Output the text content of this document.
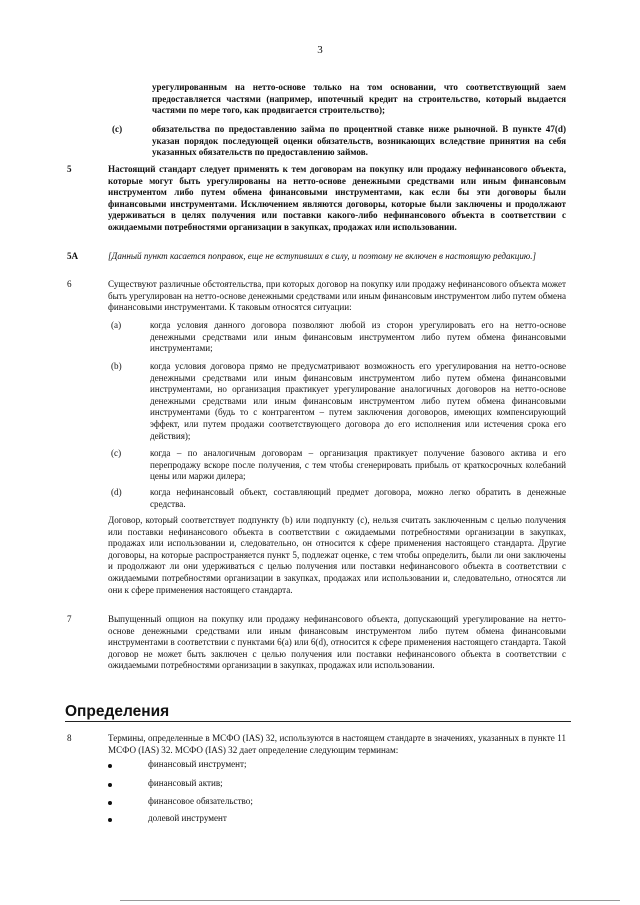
3

урегулированным на нетто-основе только на том основании, что соответствующий заем предоставляется частями (например, ипотечный кредит на строительство, который выдается частями по мере того, как продвигается строительство);

(c)	обязательства по предоставлению займа по процентной ставке ниже рыночной. В пункте 47(d) указан порядок последующей оценки обязательств, возникающих вследствие принятия на себя указанных обязательств по предоставлению займов.

5	Настоящий стандарт следует применять к тем договорам на покупку или продажу нефинансового объекта, которые могут быть урегулированы на нетто-основе денежными средствами или иным финансовым инструментом либо путем обмена финансовыми инструментами, как если бы эти договоры были финансовыми инструментами. Исключением являются договоры, которые были заключены и продолжают удерживаться в целях получения или поставки какого-либо нефинансового объекта в соответствии с ожидаемыми потребностями организации в закупках, продажах или использовании.

5A	[Данный пункт касается поправок, еще не вступивших в силу, и поэтому не включен в настоящую редакцию.]

6	Существуют различные обстоятельства, при которых договор на покупку или продажу нефинансового объекта может быть урегулирован на нетто-основе денежными средствами или иным финансовым инструментом либо путем обмена финансовыми инструментами. К таковым относятся ситуации:

(a)	когда условия данного договора позволяют любой из сторон урегулировать его на нетто-основе денежными средствами или иным финансовым инструментом либо путем обмена финансовыми инструментами;

(b)	когда условия договора прямо не предусматривают возможность его урегулирования на нетто-основе денежными средствами или иным финансовым инструментом либо путем обмена финансовыми инструментами, но организация практикует урегулирование аналогичных договоров на нетто-основе денежными средствами или иным финансовым инструментом либо путем обмена финансовыми инструментами (будь то с контрагентом – путем заключения договоров, имеющих компенсирующий эффект, или путем продажи соответствующего договора до его исполнения или истечения срока его действия);

(c)	когда – по аналогичным договорам – организация практикует получение базового актива и его перепродажу вскоре после получения, с тем чтобы сгенерировать прибыль от краткосрочных колебаний цены или маржи дилера;

(d)	когда нефинансовый объект, составляющий предмет договора, можно легко обратить в денежные средства.

Договор, который соответствует подпункту (b) или подпункту (c), нельзя считать заключенным с целью получения или поставки нефинансового объекта в соответствии с ожидаемыми потребностями организации в закупках, продажах или использовании и, следовательно, он относится к сфере применения настоящего стандарта. Другие договоры, на которые распространяется пункт 5, подлежат оценке, с тем чтобы определить, были ли они заключены и продолжают ли они удерживаться с целью получения или поставки нефинансового объекта в соответствии с ожидаемыми потребностями организации в закупках, продажах или использовании и, следовательно, относятся ли они к сфере применения настоящего стандарта.

7	Выпущенный опцион на покупку или продажу нефинансового объекта, допускающий урегулирование на нетто-основе денежными средствами или иным финансовым инструментом либо путем обмена финансовыми инструментами в соответствии с пунктами 6(a) или 6(d), относится к сфере применения настоящего стандарта. Такой договор не может быть заключен с целью получения или поставки нефинансового объекта в соответствии с ожидаемыми потребностями организации в закупках, продажах или использовании.

Определения

8	Термины, определенные в МСФО (IAS) 32, используются в настоящем стандарте в значениях, указанных в пункте 11 МСФО (IAS) 32. МСФО (IAS) 32 дает определение следующим терминам:

финансовый инструмент;

финансовый актив;

финансовое обязательство;

долевой инструмент
